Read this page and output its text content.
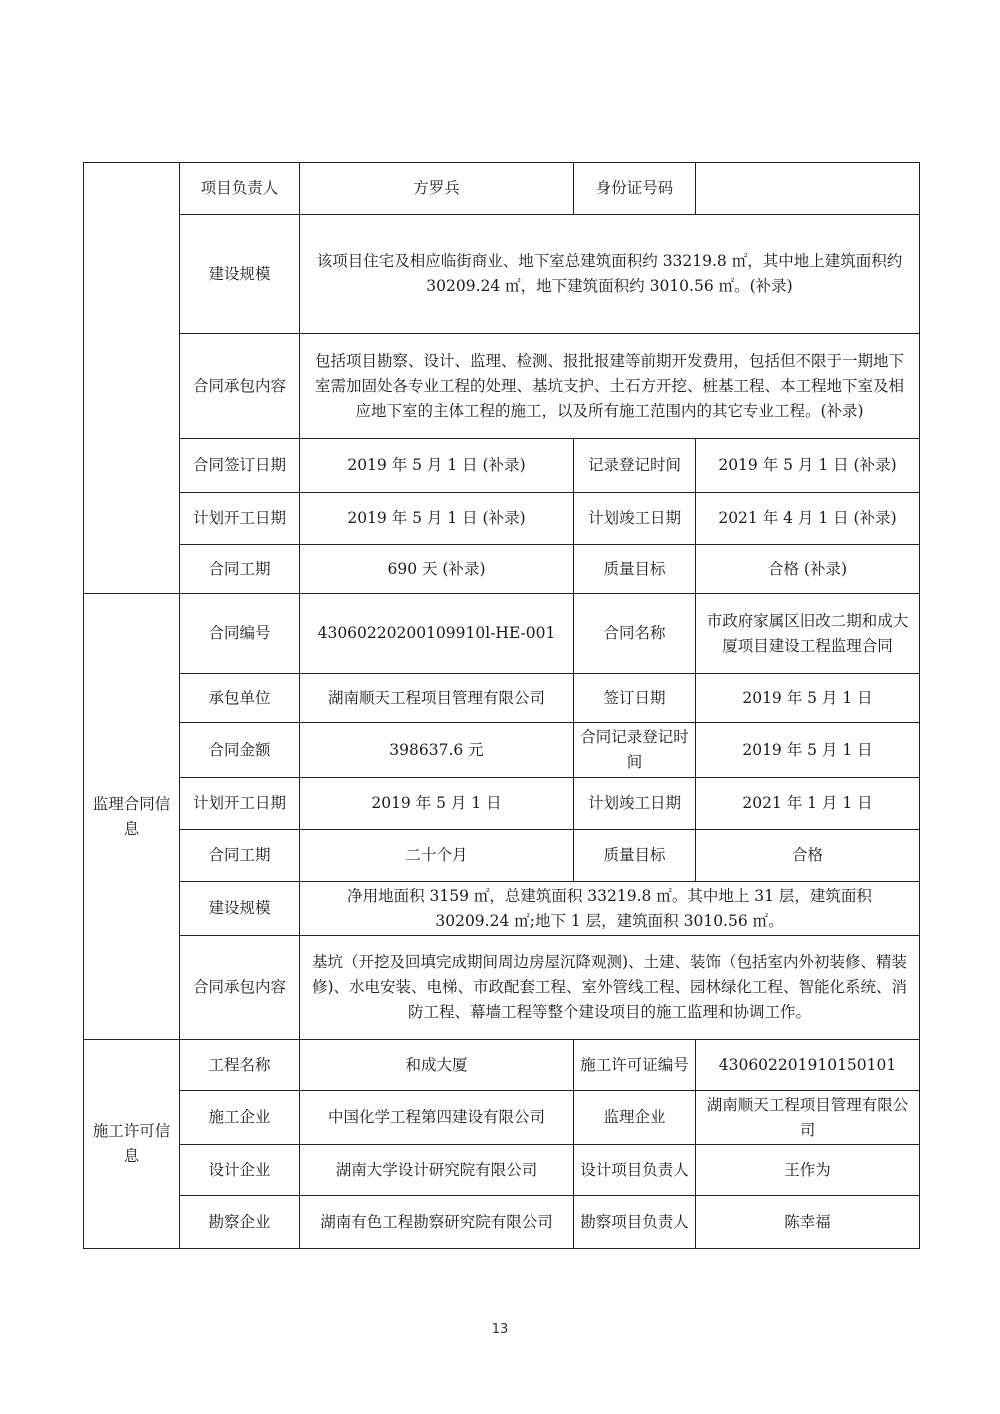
	项目负责人	方罗兵	身份证号码	
	建设规模	该项目住宅及相应临街商业、地下室总建筑面积约 33219.8 ㎡，其中地上建筑面积约 30209.24 ㎡，地下建筑面积约 3010.56 ㎡。(补录)		
	合同承包内容	包括项目勘察、设计、监理、检测、报批报建等前期开发费用，包括但不限于一期地下室需加固处各专业工程的处理、基坑支护、土石方开挖、桩基工程、本工程地下室及相应地下室的主体工程的施工，以及所有施工范围内的其它专业工程。(补录)		
	合同签订日期	2019 年 5 月 1 日 (补录)	记录登记时间	2019 年 5 月 1 日 (补录)
	计划开工日期	2019 年 5 月 1 日 (补录)	计划竣工日期	2021 年 4 月 1 日 (补录)
	合同工期	690 天 (补录)	质量目标	合格 (补录)
监理合同信息	合同编号	43060220200109910l-HE-001	合同名称	市政府家属区旧改二期和成大厦项目建设工程监理合同
	承包单位	湖南顺天工程项目管理有限公司	签订日期	2019 年 5 月 1 日
	合同金额	398637.6 元	合同记录登记时间	2019 年 5 月 1 日
	计划开工日期	2019 年 5 月 1 日	计划竣工日期	2021 年 1 月 1 日
	合同工期	二十个月	质量目标	合格
	建设规模	净用地面积 3159 ㎡，总建筑面积 33219.8 ㎡。其中地上 31 层，建筑面积 30209.24 ㎡;地下 1 层，建筑面积 3010.56 ㎡。		
	合同承包内容	基坑（开挖及回填完成期间周边房屋沉降观测)、土建、装饰（包括室内外初装修、精装修)、水电安装、电梯、市政配套工程、室外管线工程、园林绿化工程、智能化系统、消防工程、幕墙工程等整个建设项目的施工监理和协调工作。		
施工许可信息	工程名称	和成大厦	施工许可证编号	430602201910150101
	施工企业	中国化学工程第四建设有限公司	监理企业	湖南顺天工程项目管理有限公司
	设计企业	湖南大学设计研究院有限公司	设计项目负责人	王作为
	勘察企业	湖南有色工程勘察研究院有限公司	勘察项目负责人	陈幸福
13
